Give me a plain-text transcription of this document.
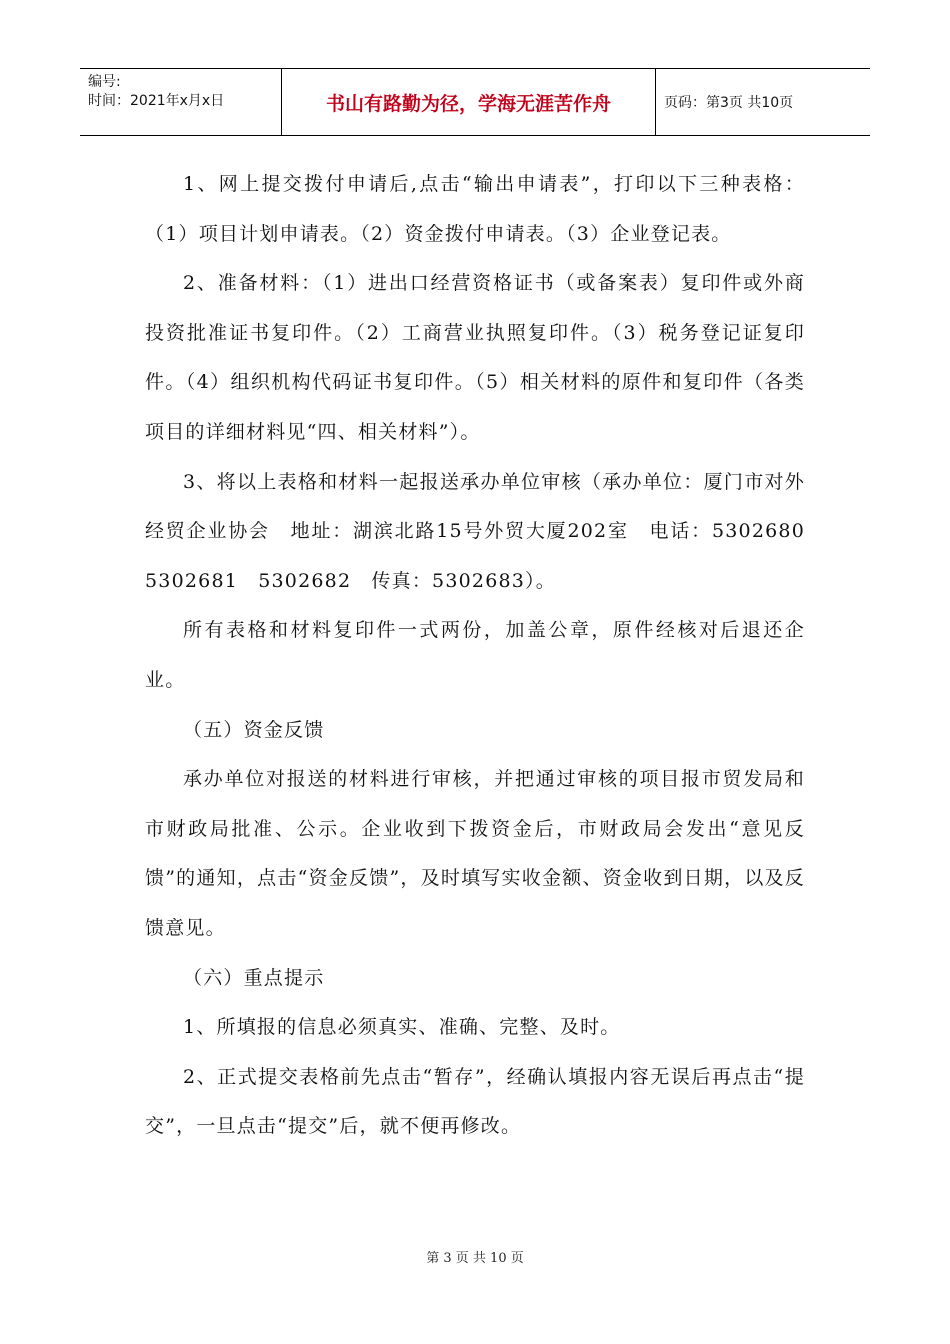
编号:
时间：2021年x月x日	书山有路勤为径，学海无涯苦作舟	页码：第3页 共10页

1、网上提交拨付申请后,点击“输出申请表”，打印以下三种表格：（1）项目计划申请表。（2）资金拨付申请表。（3）企业登记表。

2、准备材料：（1）进出口经营资格证书（或备案表）复印件或外商投资批准证书复印件。（2）工商营业执照复印件。（3）税务登记证复印件。（4）组织机构代码证书复印件。（5）相关材料的原件和复印件（各类项目的详细材料见“四、相关材料”）。

3、将以上表格和材料一起报送承办单位审核（承办单位：厦门市对外经贸企业协会　地址：湖滨北路15号外贸大厦202室　电话：5302680　5302681　5302682　传真：5302683）。

所有表格和材料复印件一式两份，加盖公章，原件经核对后退还企业。

（五）资金反馈

承办单位对报送的材料进行审核，并把通过审核的项目报市贸发局和市财政局批准、公示。企业收到下拨资金后，市财政局会发出“意见反馈”的通知，点击“资金反馈”，及时填写实收金额、资金收到日期，以及反馈意见。

（六）重点提示

1、所填报的信息必须真实、准确、完整、及时。

2、正式提交表格前先点击“暂存”，经确认填报内容无误后再点击“提交”，一旦点击“提交”后，就不便再修改。

第 3 页 共 10 页
